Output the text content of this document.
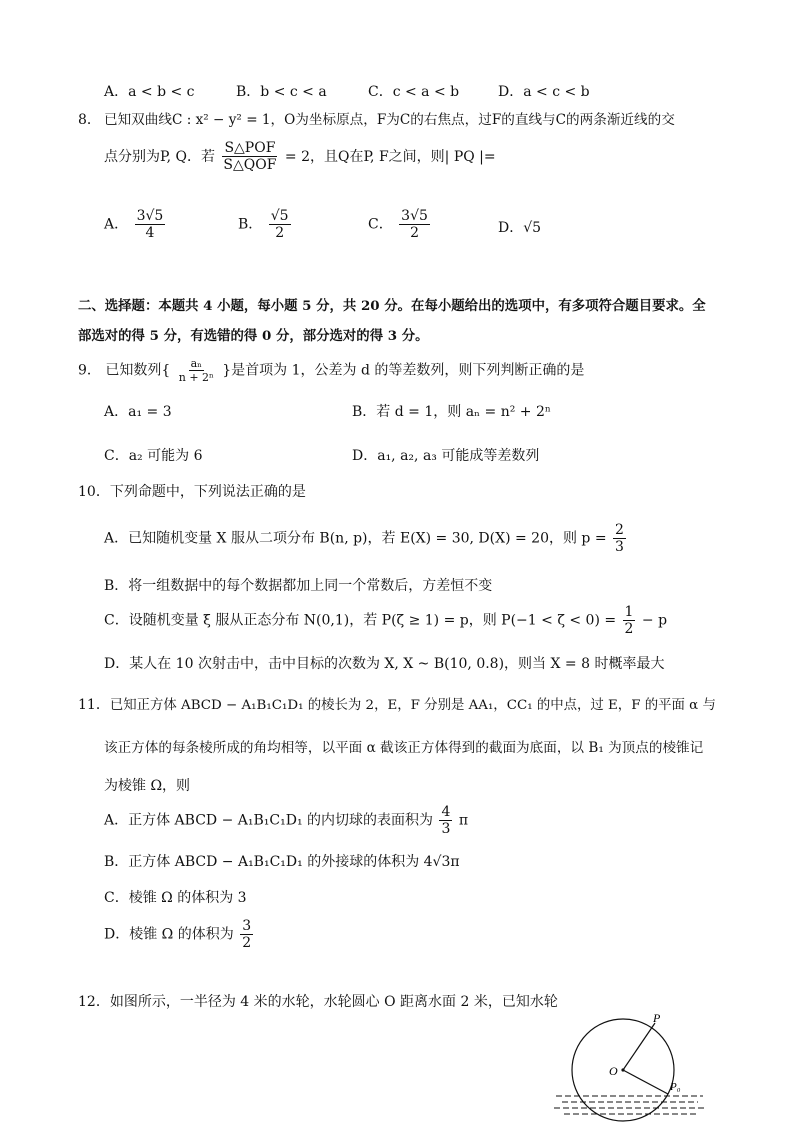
A．a < b < c	B．b < c < a	C．c < a < b	D．a < c < b
8． 已知双曲线C : x² − y² = 1，O为坐标原点，F为C的右焦点，过F的直线与C的两条渐近线的交
点分别为P, Q．若 $\frac{\text{S△POF}}{\text{S△QOF}} = 2$，且Q在P, F之间，则| PQ |=
A． $\frac{3√5}{4}$	B． $\frac{√5}{2}$	C． $\frac{3√5}{2}$	D．√5
二、选择题：本题共 4 小题，每小题 5 分，共 20 分。在每小题给出的选项中，有多项符合题目要求。全
部选对的得 5 分，有选错的得 0 分，部分选对的得 3 分。
9． 已知数列{ $\frac{\text{aₙ}}{\text{n + 2ⁿ}}$ }是首项为 1，公差为 d 的等差数列，则下列判断正确的是
A．a₁ = 3	B．若 d = 1，则 aₙ = n² + 2ⁿ
C．a₂ 可能为 6	D．a₁, a₂, a₃ 可能成等差数列
10．下列命题中，下列说法正确的是
A．已知随机变量 X 服从二项分布 B(n, p)，若 E(X) = 30, D(X) = 20，则 $p = \frac{2}{3}$
B．将一组数据中的每个数据都加上同一个常数后，方差恒不变
C．设随机变量 ξ 服从正态分布 N(0,1)，若 P(ζ ≥ 1) = p，则 $P(-1 < \zeta < 0) = \frac{1}{2} - p$
D．某人在 10 次射击中，击中目标的次数为 X, X ~ B(10, 0.8)，则当 X = 8 时概率最大
11．已知正方体 ABCD − A₁B₁C₁D₁ 的棱长为 2，E，F 分别是 AA₁，CC₁ 的中点，过 E，F 的平面 α 与
该正方体的每条棱所成的角均相等，以平面 α 截该正方体得到的截面为底面，以 B₁ 为顶点的棱锥记
为棱锥 Ω，则
A．正方体 ABCD − A₁B₁C₁D₁ 的内切球的表面积为 $\frac{4}{3}$ π
B．正方体 ABCD − A₁B₁C₁D₁ 的外接球的体积为 4√3π
C．棱锥 Ω 的体积为 3
D．棱锥 Ω 的体积为 $\frac{3}{2}$
12．如图所示，一半径为 4 米的水轮，水轮圆心 O 距离水面 2 米，已知水轮
P
O
P₀
